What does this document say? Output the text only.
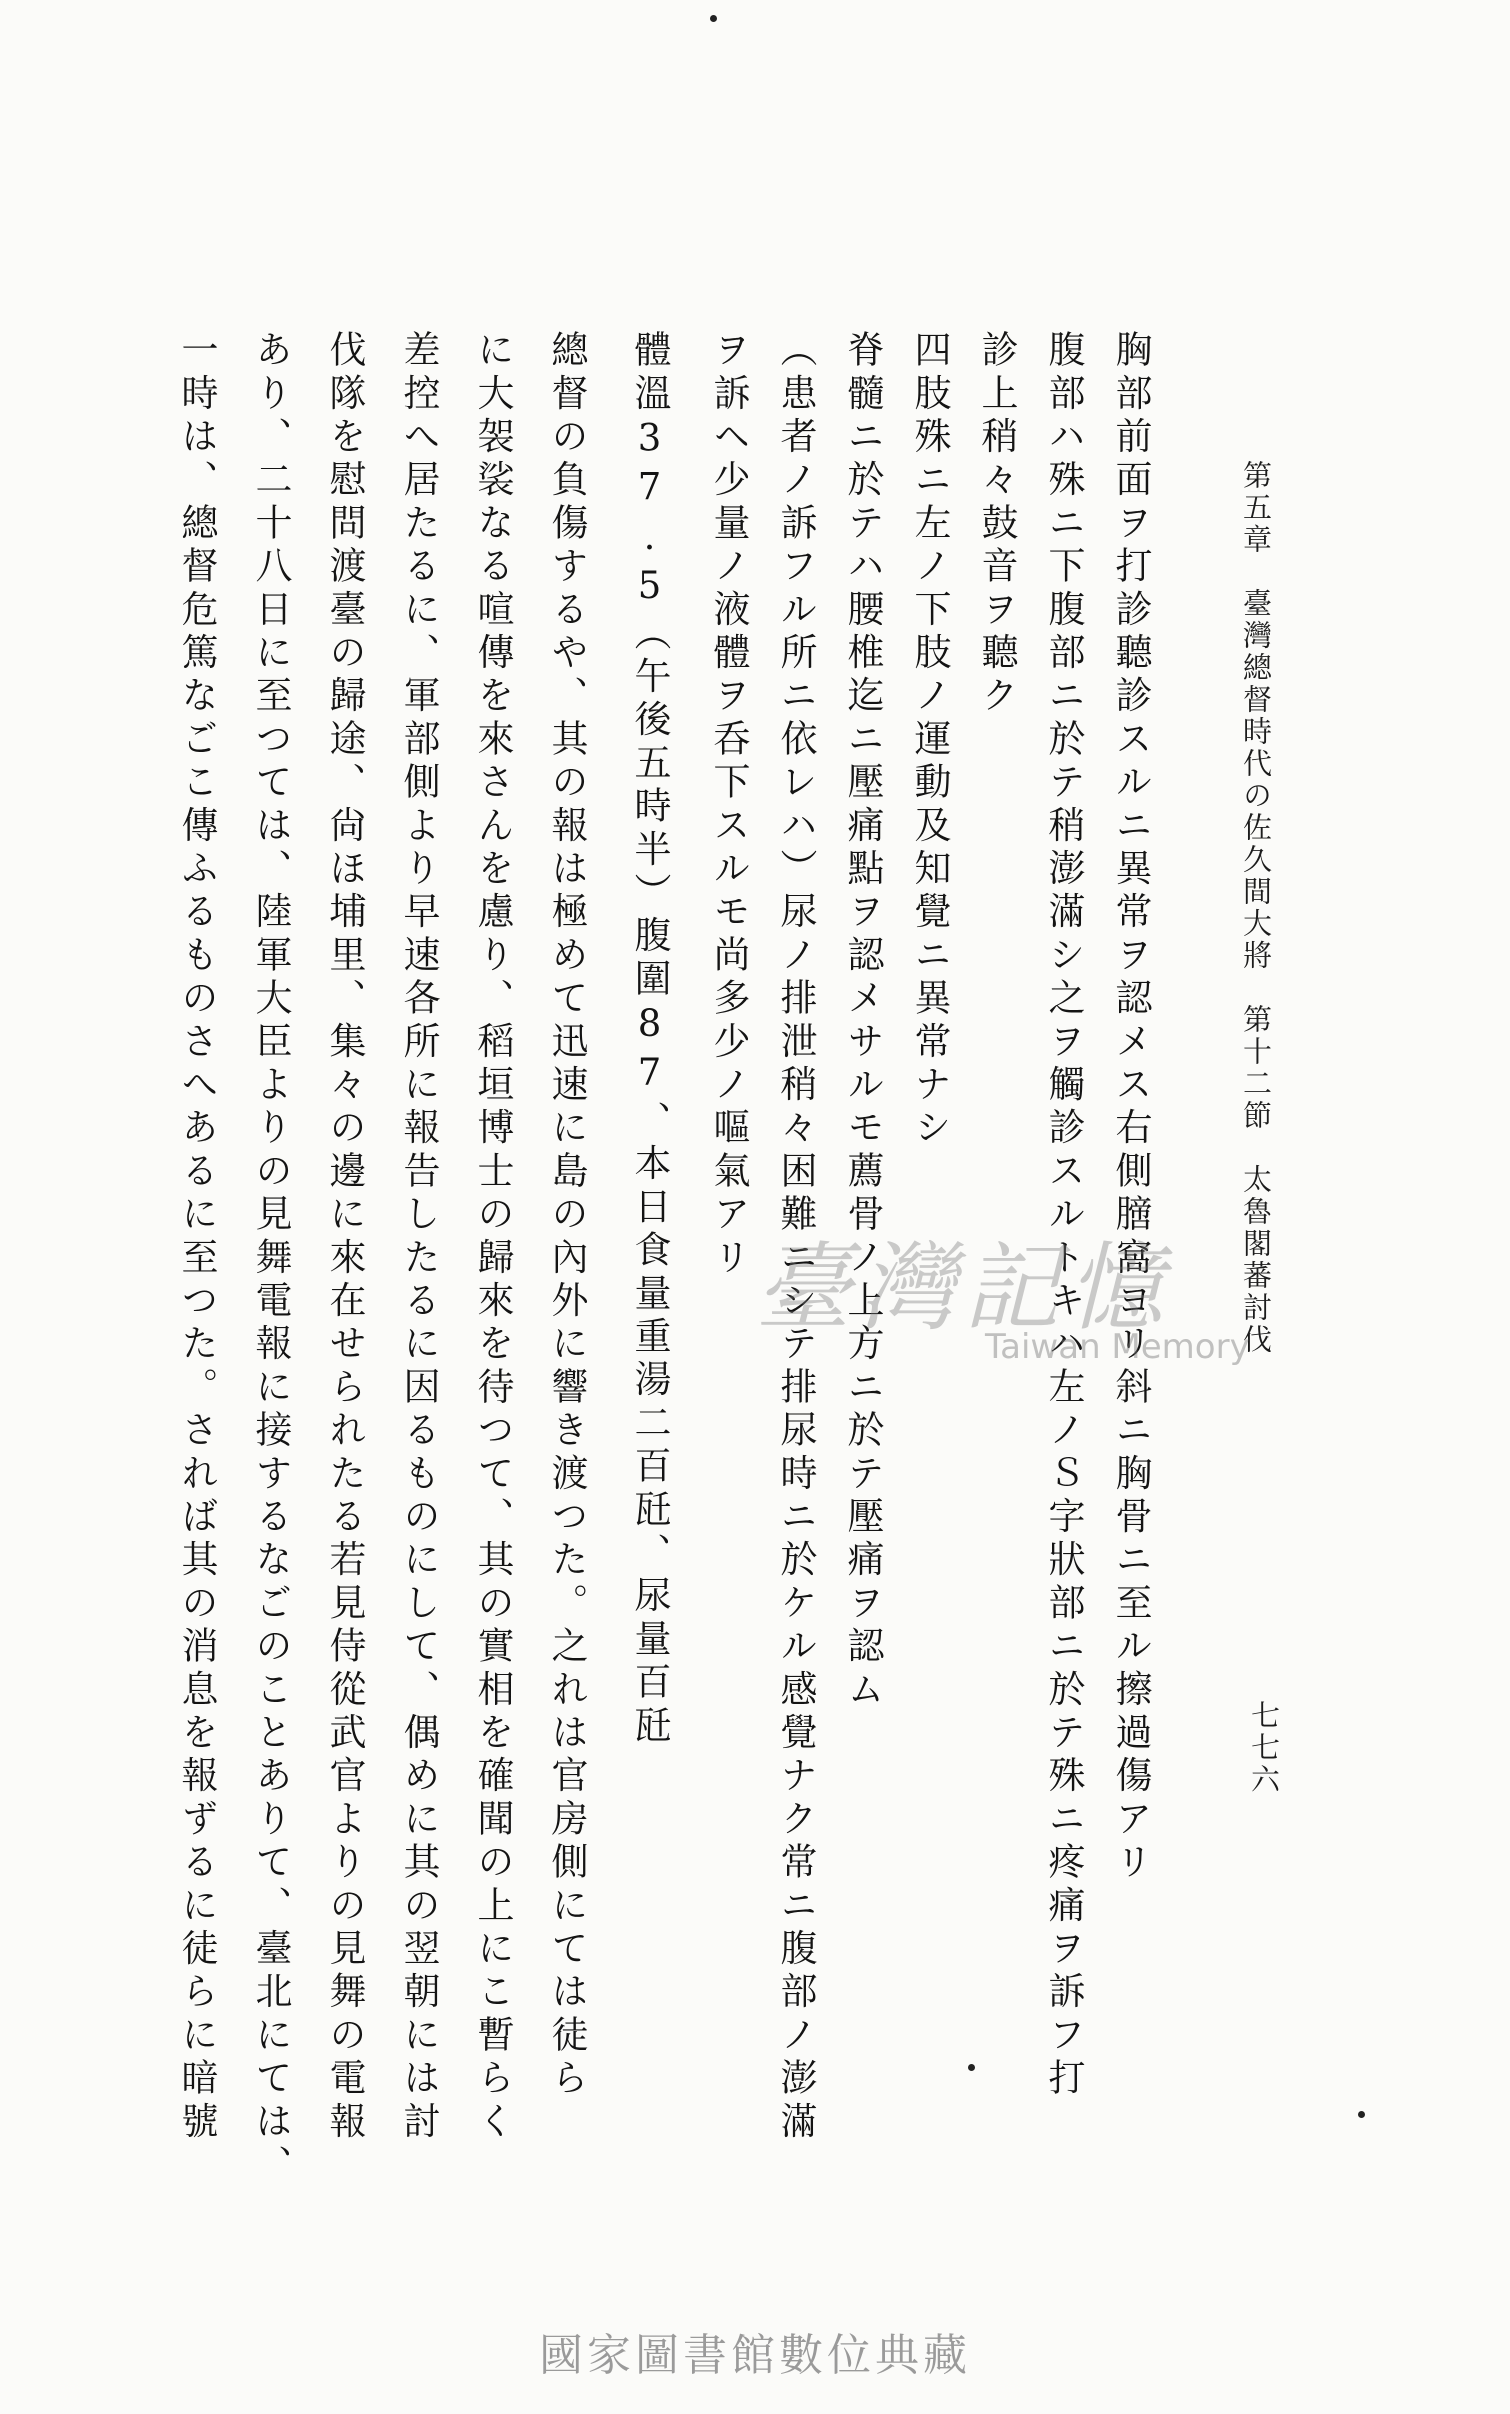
第五章　臺灣總督時代の佐久間大將　第十二節　太魯閣蕃討伐
七七六
胸部前面ヲ打診聽診スルニ異常ヲ認メス右側膪窩ヨリ斜ニ胸骨ニ至ル擦過傷アリ
腹部ハ殊ニ下腹部ニ於テ稍澎滿シ之ヲ觸診スルトキハ左ノＳ字狀部ニ於テ殊ニ疼痛ヲ訴フ打
診上稍々鼓音ヲ聽ク
四肢殊ニ左ノ下肢ノ運動及知覺ニ異常ナシ
脊髓ニ於テハ腰椎迄ニ壓痛點ヲ認メサルモ薦骨ノ上方ニ於テ壓痛ヲ認ム
（患者ノ訴フル所ニ依レハ）尿ノ排泄稍々困難ニシテ排尿時ニ於ケル感覺ナク常ニ腹部ノ澎滿
ヲ訴ヘ少量ノ液體ヲ呑下スルモ尚多少ノ嘔氣アリ
體溫37.5（午後五時半）腹圍87、本日食量重湯二百瓩、尿量百瓩
總督の負傷するや、其の報は極めて迅速に島の內外に響き渡つた。之れは官房側にては徒ら
に大袈裟なる喧傳を來さんを慮り、稻垣博士の歸來を待つて、其の實相を確聞の上にこ暫らく
差控へ居たるに、軍部側より早速各所に報告したるに因るものにして、偶めに其の翌朝には討
伐隊を慰問渡臺の歸途、尙ほ埔里、集々の邊に來在せられたる若見侍從武官よりの見舞の電報
あり、二十八日に至つては、陸軍大臣よりの見舞電報に接するなごのことありて、臺北にては、
一時は、總督危篤なごこ傳ふるものさへあるに至つた。されば其の消息を報ずるに徒らに暗號	臺灣記憶
Taiwan Memory
國家圖書館數位典藏
